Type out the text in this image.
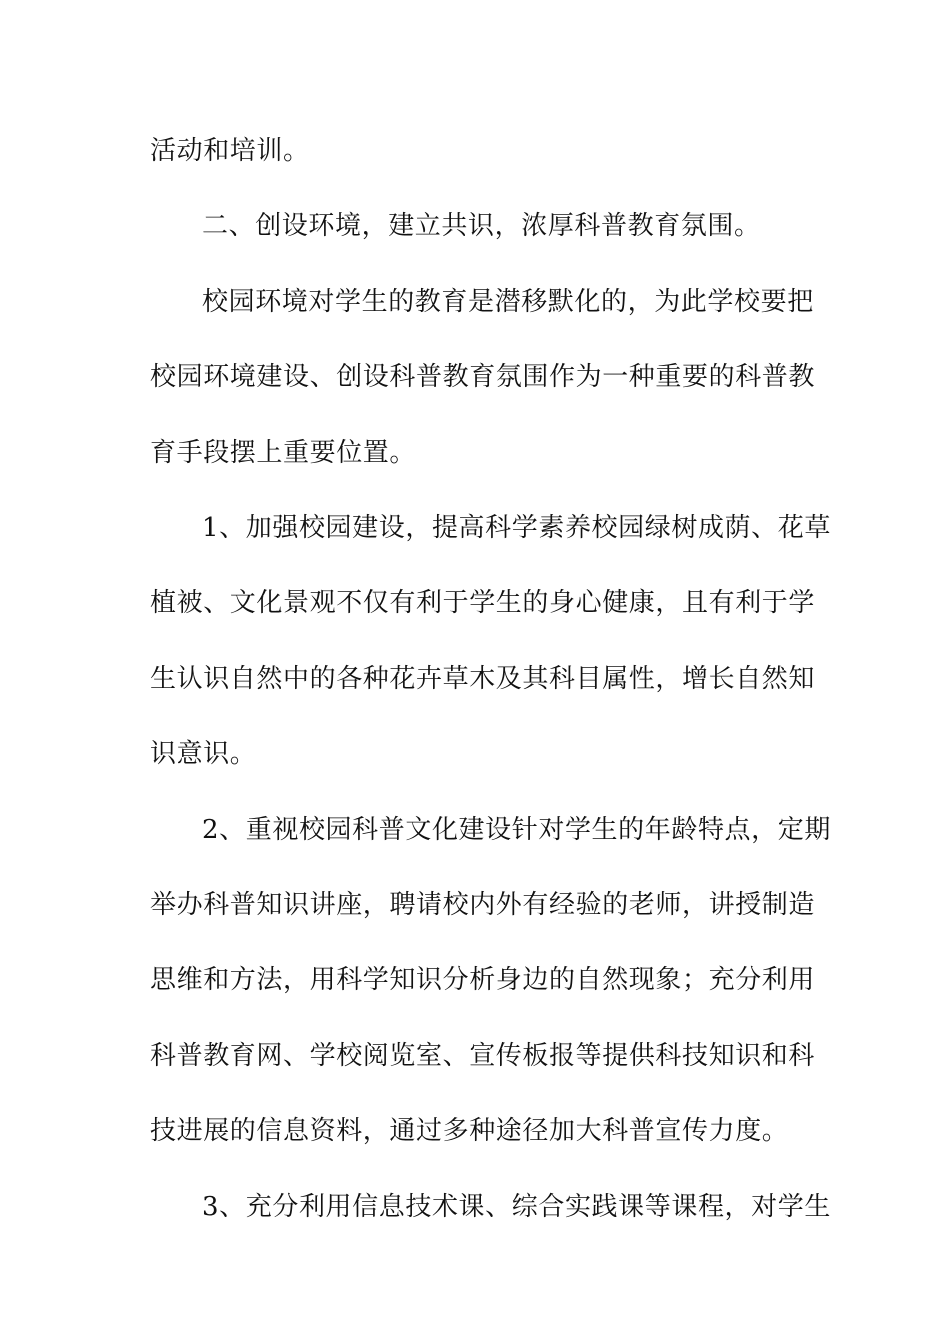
活动和培训。
二、创设环境，建立共识，浓厚科普教育氛围。
校园环境对学生的教育是潜移默化的，为此学校要把
校园环境建设、创设科普教育氛围作为一种重要的科普教
育手段摆上重要位置。
1、加强校园建设，提高科学素养校园绿树成荫、花草
植被、文化景观不仅有利于学生的身心健康，且有利于学
生认识自然中的各种花卉草木及其科目属性，增长自然知
识意识。
2、重视校园科普文化建设针对学生的年龄特点，定期
举办科普知识讲座，聘请校内外有经验的老师，讲授制造
思维和方法，用科学知识分析身边的自然现象；充分利用
科普教育网、学校阅览室、宣传板报等提供科技知识和科
技进展的信息资料，通过多种途径加大科普宣传力度。
3、充分利用信息技术课、综合实践课等课程，对学生
